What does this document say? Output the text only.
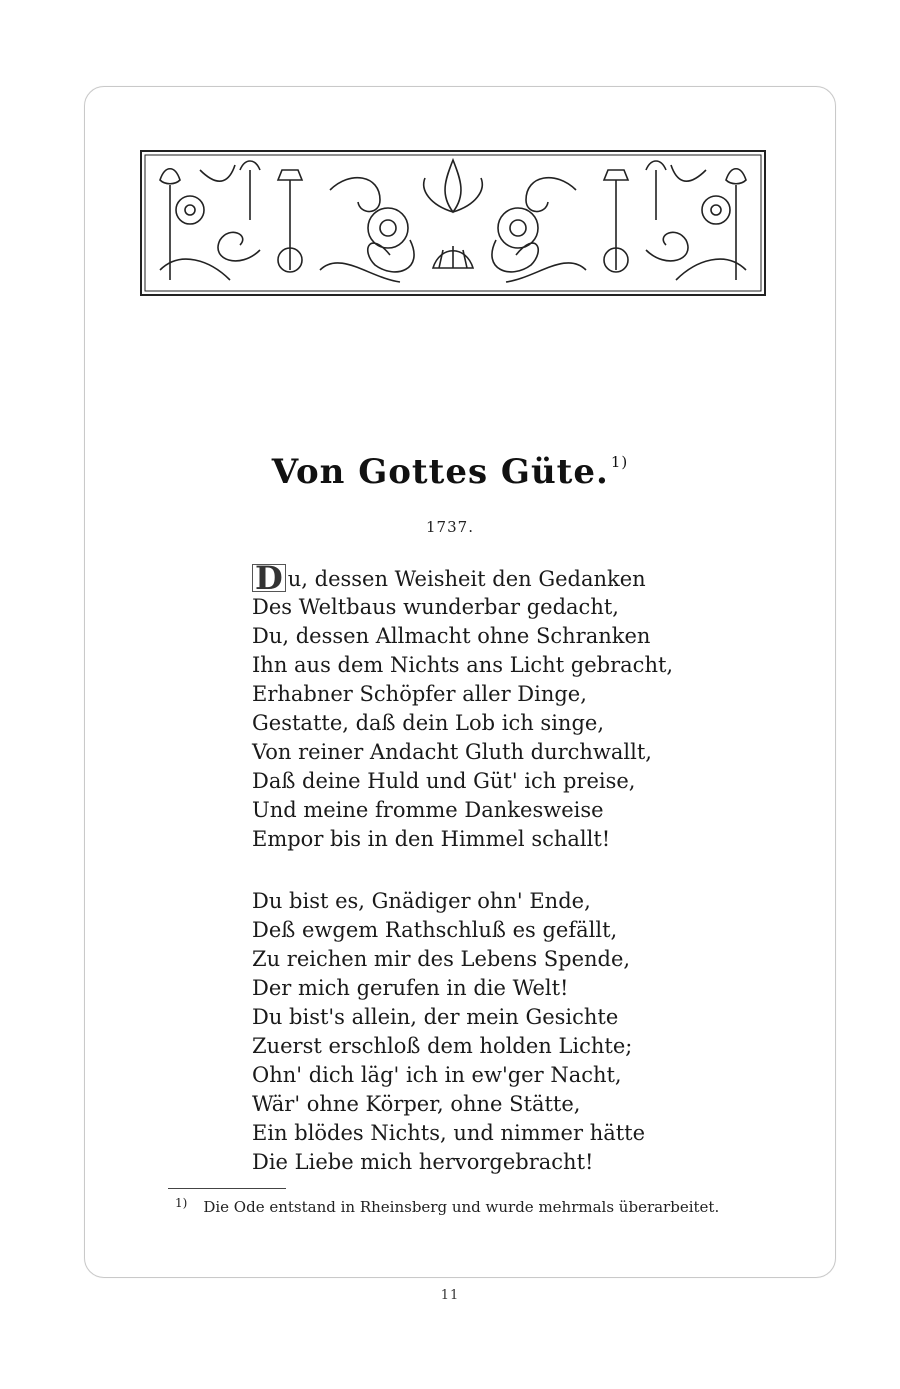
Von Gottes Güte. $^{1)}$
1737.
D u, dessen Weisheit den Gedanken
Des Weltbaus wunderbar gedacht,
Du, dessen Allmacht ohne Schranken
Ihn aus dem Nichts ans Licht gebracht,
Erhabner Schöpfer aller Dinge,
Gestatte, daß dein Lob ich singe,
Von reiner Andacht Gluth durchwallt,
Daß deine Huld und Güt' ich preise,
Und meine fromme Dankesweise
Empor bis in den Himmel schallt!
Du bist es, Gnädiger ohn' Ende,
Deß ewgem Rathschluß es gefällt,
Zu reichen mir des Lebens Spende,
Der mich gerufen in die Welt!
Du bist's allein, der mein Gesichte
Zuerst erschloß dem holden Lichte;
Ohn' dich läg' ich in ew'ger Nacht,
Wär' ohne Körper, ohne Stätte,
Ein blödes Nichts, und nimmer hätte
Die Liebe mich hervorgebracht!
$^{1)}$ Die Ode entstand in Rheinsberg und wurde mehrmals überarbeitet.
11
